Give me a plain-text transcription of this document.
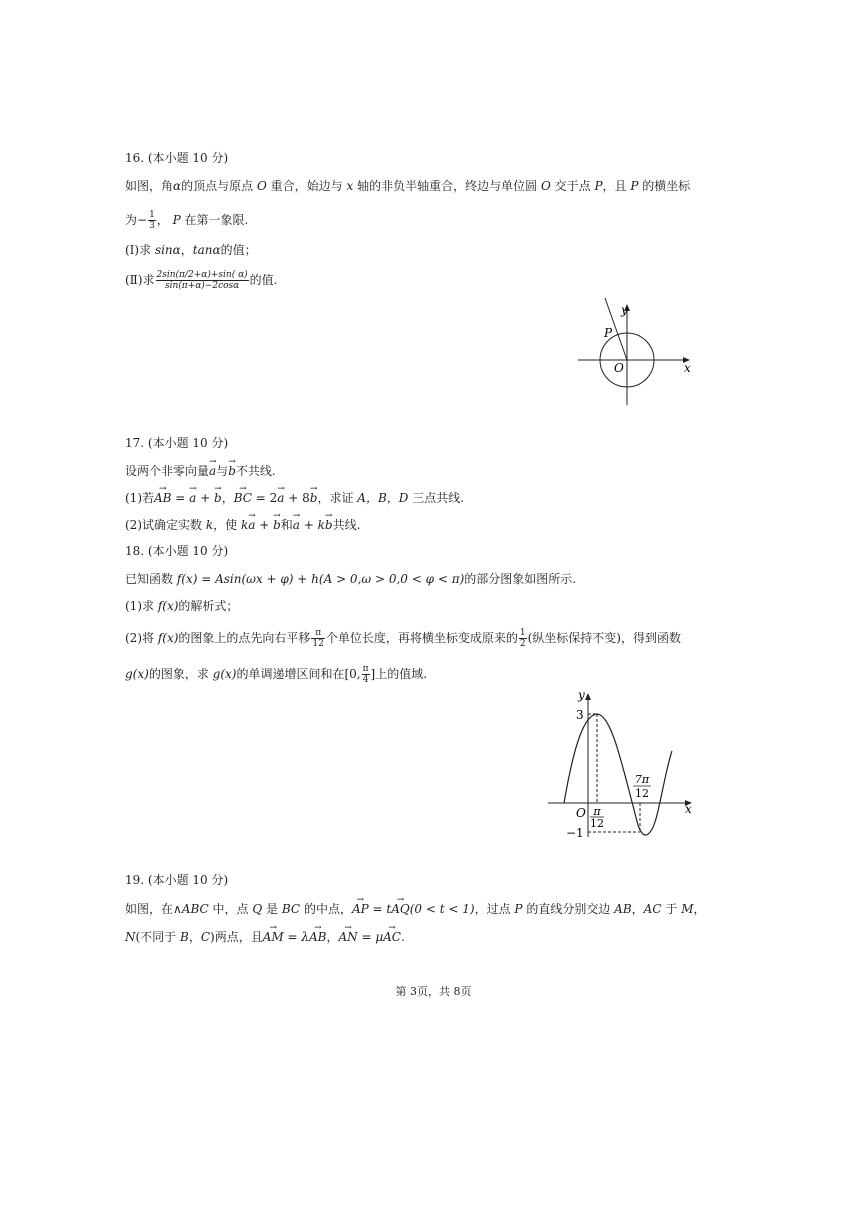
16. (本小题 10 分)
如图，角α的顶点与原点 O 重合，始边与 x 轴的非负半轴重合，终边与单位圆 O 交于点 P，且 P 的横坐标
为− $\frac{1}{3}$ ， P 在第一象限.
(Ⅰ)求 sinα，tanα的值；
(Ⅱ)求 $\frac{2\sin(\pi/2+\alpha)+\sin( \alpha)}{\sin(\pi+\alpha)-2\cos\alpha}$ 的值.
y
P
O	x
17. (本小题 10 分)
设两个非零向量→ a与→ b不共线.
(1)若→ AB = → a + → b，→ BC = 2→ a + 8→ b，求证 A，B，D 三点共线.
(2)试确定实数 k，使 k→ a + → b和→ a + k→ b共线.
18. (本小题 10 分)
已知函数 f(x) = Asin(ωx + φ) + h(A > 0,ω > 0,0 < φ < π)的部分图象如图所示.
(1)求 f(x)的解析式；
(2)将 f(x)的图象上的点先向右平移 $\frac{\pi}{12}$ 个单位长度，再将横坐标变成原来的 $\frac{1}{2}$ (纵坐标保持不变)，得到函数
g(x)的图象，求 g(x)的单调递增区间和在[0, $\frac{\pi}{4}$ ]上的值域.
y
x
O
3
−1
π
12
7π
12
19. (本小题 10 分)
如图，在∧ABC 中，点 Q 是 BC 的中点，→ AP = t→ AQ(0 < t < 1)，过点 P 的直线分别交边 AB，AC 于 M，
N(不同于 B，C)两点，且→ AM = λ→ AB，→ AN = μ→ AC.
第 3页，共 8页
